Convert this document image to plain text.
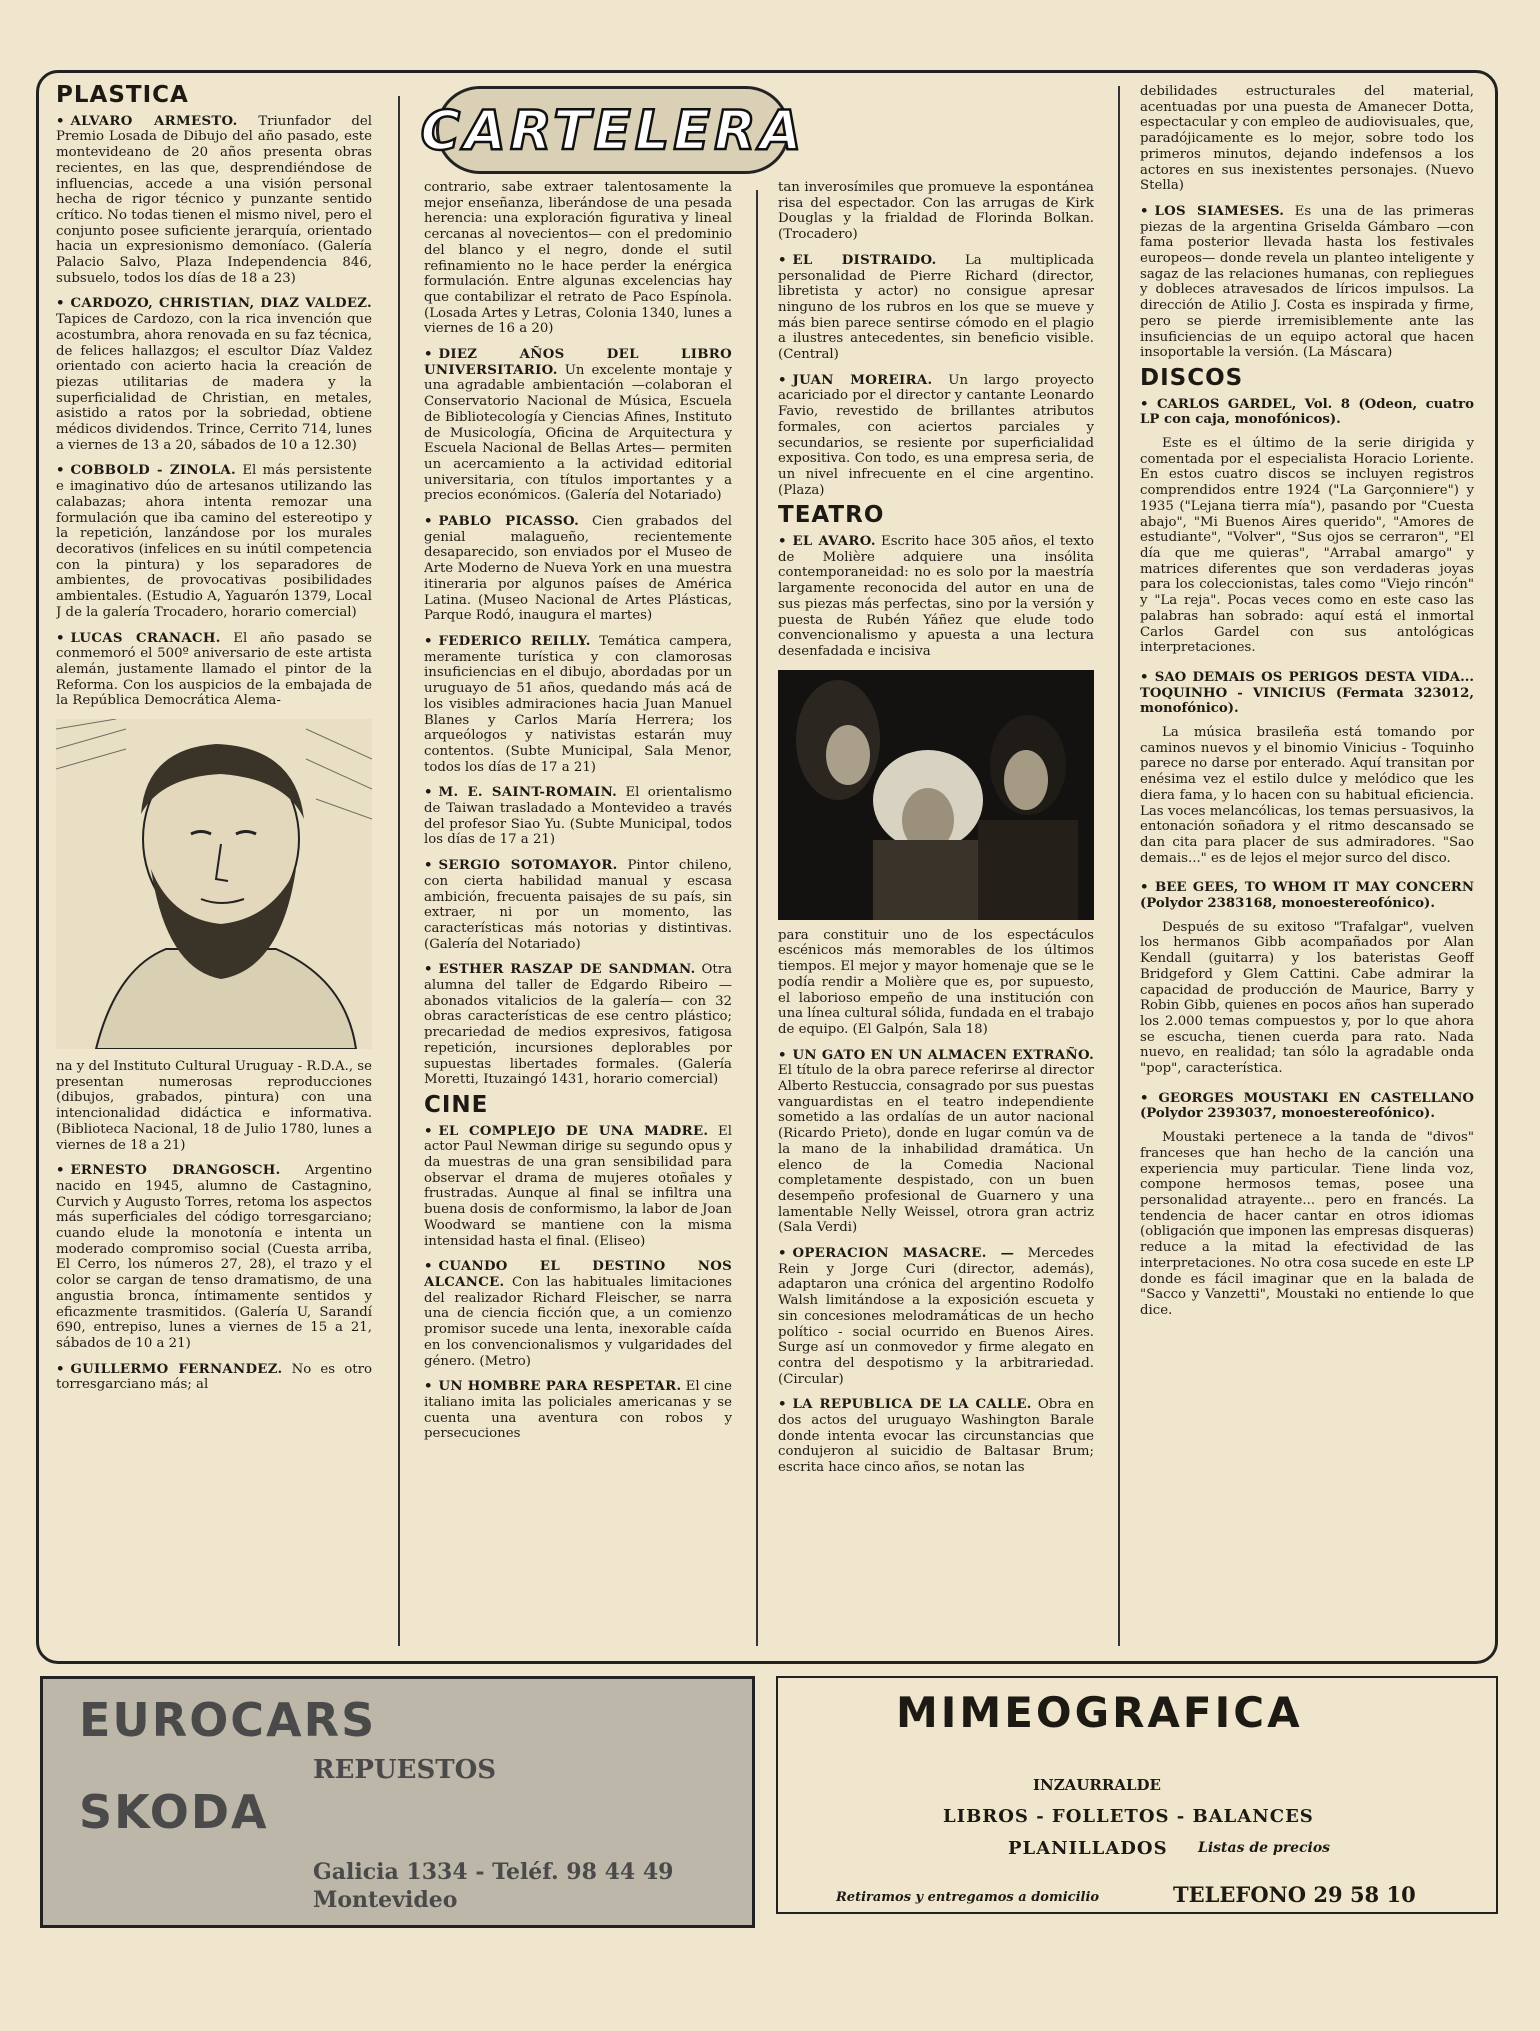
CARTELERA
PLASTICA
• ALVARO ARMESTO. Triunfador del Premio Losada de Dibujo del año pasado, este montevideano de 20 años presenta obras recientes, en las que, desprendiéndose de influencias, accede a una visión personal hecha de rigor técnico y punzante sentido crítico. No todas tienen el mismo nivel, pero el conjunto posee suficiente jerarquía, orientado hacia un expresionismo demoníaco. (Galería Palacio Salvo, Plaza Independencia 846, subsuelo, todos los días de 18 a 23)
• CARDOZO, CHRISTIAN, DIAZ VALDEZ. Tapices de Cardozo, con la rica invención que acostumbra, ahora renovada en su faz técnica, de felices hallazgos; el escultor Díaz Valdez orientado con acierto hacia la creación de piezas utilitarias de madera y la superficialidad de Christian, en metales, asistido a ratos por la sobriedad, obtiene médicos dividendos. Trince, Cerrito 714, lunes a viernes de 13 a 20, sábados de 10 a 12.30)
• COBBOLD - ZINOLA. El más persistente e imaginativo dúo de artesanos utilizando las calabazas; ahora intenta remozar una formulación que iba camino del estereotipo y la repetición, lanzándose por los murales decorativos (infelices en su inútil competencia con la pintura) y los separadores de ambientes, de provocativas posibilidades ambientales. (Estudio A, Yaguarón 1379, Local J de la galería Trocadero, horario comercial)
• LUCAS CRANACH. El año pasado se conmemoró el 500º aniversario de este artista alemán, justamente llamado el pintor de la Reforma. Con los auspicios de la embajada de la República Democrática Alema-
na y del Instituto Cultural Uruguay - R.D.A., se presentan numerosas reproducciones (dibujos, grabados, pintura) con una intencionalidad didáctica e informativa. (Biblioteca Nacional, 18 de Julio 1780, lunes a viernes de 18 a 21)
• ERNESTO DRANGOSCH. Argentino nacido en 1945, alumno de Castagnino, Curvich y Augusto Torres, retoma los aspectos más superficiales del código torresgarciano; cuando elude la monotonía e intenta un moderado compromiso social (Cuesta arriba, El Cerro, los números 27, 28), el trazo y el color se cargan de tenso dramatismo, de una angustia bronca, íntimamente sentidos y eficazmente trasmitidos. (Galería U, Sarandí 690, entrepiso, lunes a viernes de 15 a 21, sábados de 10 a 21)
• GUILLERMO FERNANDEZ. No es otro torresgarciano más; al
contrario, sabe extraer talentosamente la mejor enseñanza, liberándose de una pesada herencia: una exploración figurativa y lineal cercanas al novecientos— con el predominio del blanco y el negro, donde el sutil refinamiento no le hace perder la enérgica formulación. Entre algunas excelencias hay que contabilizar el retrato de Paco Espínola. (Losada Artes y Letras, Colonia 1340, lunes a viernes de 16 a 20)
• DIEZ AÑOS DEL LIBRO UNIVERSITARIO. Un excelente montaje y una agradable ambientación —colaboran el Conservatorio Nacional de Música, Escuela de Bibliotecología y Ciencias Afines, Instituto de Musicología, Oficina de Arquitectura y Escuela Nacional de Bellas Artes— permiten un acercamiento a la actividad editorial universitaria, con títulos importantes y a precios económicos. (Galería del Notariado)
• PABLO PICASSO. Cien grabados del genial malagueño, recientemente desaparecido, son enviados por el Museo de Arte Moderno de Nueva York en una muestra itineraria por algunos países de América Latina. (Museo Nacional de Artes Plásticas, Parque Rodó, inaugura el martes)
• FEDERICO REILLY. Temática campera, meramente turística y con clamorosas insuficiencias en el dibujo, abordadas por un uruguayo de 51 años, quedando más acá de los visibles admiraciones hacia Juan Manuel Blanes y Carlos María Herrera; los arqueólogos y nativistas estarán muy contentos. (Subte Municipal, Sala Menor, todos los días de 17 a 21)
• M. E. SAINT-ROMAIN. El orientalismo de Taiwan trasladado a Montevideo a través del profesor Siao Yu. (Subte Municipal, todos los días de 17 a 21)
• SERGIO SOTOMAYOR. Pintor chileno, con cierta habilidad manual y escasa ambición, frecuenta paisajes de su país, sin extraer, ni por un momento, las características más notorias y distintivas. (Galería del Notariado)
• ESTHER RASZAP DE SANDMAN. Otra alumna del taller de Edgardo Ribeiro —abonados vitalicios de la galería— con 32 obras características de ese centro plástico; precariedad de medios expresivos, fatigosa repetición, incursiones deplorables por supuestas libertades formales. (Galería Moretti, Ituzaingó 1431, horario comercial)
CINE
• EL COMPLEJO DE UNA MADRE. El actor Paul Newman dirige su segundo opus y da muestras de una gran sensibilidad para observar el drama de mujeres otoñales y frustradas. Aunque al final se infiltra una buena dosis de conformismo, la labor de Joan Woodward se mantiene con la misma intensidad hasta el final. (Eliseo)
• CUANDO EL DESTINO NOS ALCANCE. Con las habituales limitaciones del realizador Richard Fleischer, se narra una de ciencia ficción que, a un comienzo promisor sucede una lenta, inexorable caída en los convencionalismos y vulgaridades del género. (Metro)
• UN HOMBRE PARA RESPETAR. El cine italiano imita las policiales americanas y se cuenta una aventura con robos y persecuciones
tan inverosímiles que promueve la espontánea risa del espectador. Con las arrugas de Kirk Douglas y la frialdad de Florinda Bolkan. (Trocadero)
• EL DISTRAIDO. La multiplicada personalidad de Pierre Richard (director, libretista y actor) no consigue apresar ninguno de los rubros en los que se mueve y más bien parece sentirse cómodo en el plagio a ilustres antecedentes, sin beneficio visible. (Central)
• JUAN MOREIRA. Un largo proyecto acariciado por el director y cantante Leonardo Favio, revestido de brillantes atributos formales, con aciertos parciales y secundarios, se resiente por superficialidad expositiva. Con todo, es una empresa seria, de un nivel infrecuente en el cine argentino. (Plaza)
TEATRO
• EL AVARO. Escrito hace 305 años, el texto de Molière adquiere una insólita contemporaneidad: no es solo por la maestría largamente reconocida del autor en una de sus piezas más perfectas, sino por la versión y puesta de Rubén Yáñez que elude todo convencionalismo y apuesta a una lectura desenfadada e incisiva
para constituir uno de los espectáculos escénicos más memorables de los últimos tiempos. El mejor y mayor homenaje que se le podía rendir a Molière que es, por supuesto, el laborioso empeño de una institución con una línea cultural sólida, fundada en el trabajo de equipo. (El Galpón, Sala 18)
• UN GATO EN UN ALMACEN EXTRAÑO. El título de la obra parece referirse al director Alberto Restuccia, consagrado por sus puestas vanguardistas en el teatro independiente sometido a las ordalías de un autor nacional (Ricardo Prieto), donde en lugar común va de la mano de la inhabilidad dramática. Un elenco de la Comedia Nacional completamente despistado, con un buen desempeño profesional de Guarnero y una lamentable Nelly Weissel, otrora gran actriz (Sala Verdi)
• OPERACION MASACRE. — Mercedes Rein y Jorge Curi (director, además), adaptaron una crónica del argentino Rodolfo Walsh limitándose a la exposición escueta y sin concesiones melodramáticas de un hecho político - social ocurrido en Buenos Aires. Surge así un conmovedor y firme alegato en contra del despotismo y la arbitrariedad. (Circular)
• LA REPUBLICA DE LA CALLE. Obra en dos actos del uruguayo Washington Barale donde intenta evocar las circunstancias que condujeron al suicidio de Baltasar Brum; escrita hace cinco años, se notan las
debilidades estructurales del material, acentuadas por una puesta de Amanecer Dotta, espectacular y con empleo de audiovisuales, que, paradójicamente es lo mejor, sobre todo los primeros minutos, dejando indefensos a los actores en sus inexistentes personajes. (Nuevo Stella)
• LOS SIAMESES. Es una de las primeras piezas de la argentina Griselda Gámbaro —con fama posterior llevada hasta los festivales europeos— donde revela un planteo inteligente y sagaz de las relaciones humanas, con repliegues y dobleces atravesados de líricos impulsos. La dirección de Atilio J. Costa es inspirada y firme, pero se pierde irremisiblemente ante las insuficiencias de un equipo actoral que hacen insoportable la versión. (La Máscara)
DISCOS
• CARLOS GARDEL, Vol. 8 (Odeon, cuatro LP con caja, monofónicos).
Este es el último de la serie dirigida y comentada por el especialista Horacio Loriente. En estos cuatro discos se incluyen registros comprendidos entre 1924 ("La Garçonniere") y 1935 ("Lejana tierra mía"), pasando por "Cuesta abajo", "Mi Buenos Aires querido", "Amores de estudiante", "Volver", "Sus ojos se cerraron", "El día que me quieras", "Arrabal amargo" y matrices diferentes que son verdaderas joyas para los coleccionistas, tales como "Viejo rincón" y "La reja". Pocas veces como en este caso las palabras han sobrado: aquí está el inmortal Carlos Gardel con sus antológicas interpretaciones.
• SAO DEMAIS OS PERIGOS DESTA VIDA... TOQUINHO - VINICIUS (Fermata 323012, monofónico).
La música brasileña está tomando por caminos nuevos y el binomio Vinicius - Toquinho parece no darse por enterado. Aquí transitan por enésima vez el estilo dulce y melódico que les diera fama, y lo hacen con su habitual eficiencia. Las voces melancólicas, los temas persuasivos, la entonación soñadora y el ritmo descansado se dan cita para placer de sus admiradores. "Sao demais..." es de lejos el mejor surco del disco.
• BEE GEES, TO WHOM IT MAY CONCERN (Polydor 2383168, monoestereofónico).
Después de su exitoso "Trafalgar", vuelven los hermanos Gibb acompañados por Alan Kendall (guitarra) y los bateristas Geoff Bridgeford y Glem Cattini. Cabe admirar la capacidad de producción de Maurice, Barry y Robin Gibb, quienes en pocos años han superado los 2.000 temas compuestos y, por lo que ahora se escucha, tienen cuerda para rato. Nada nuevo, en realidad; tan sólo la agradable onda "pop", característica.
• GEORGES MOUSTAKI EN CASTELLANO (Polydor 2393037, monoestereofónico).
Moustaki pertenece a la tanda de "divos" franceses que han hecho de la canción una experiencia muy particular. Tiene linda voz, compone hermosos temas, posee una personalidad atrayente... pero en francés. La tendencia de hacer cantar en otros idiomas (obligación que imponen las empresas disqueras) reduce a la mitad la efectividad de las interpretaciones. No otra cosa sucede en este LP donde es fácil imaginar que en la balada de "Sacco y Vanzetti", Moustaki no entiende lo que dice.
EUROCARS
REPUESTOS
SKODA
Galicia 1334 - Teléf. 98 44 49
Montevideo
MIMEOGRAFICA
INZAURRALDE
LIBROS - FOLLETOS - BALANCES
PLANILLADOS Listas de precios
Retiramos y entregamos a domicilio	TELEFONO 29 58 10
